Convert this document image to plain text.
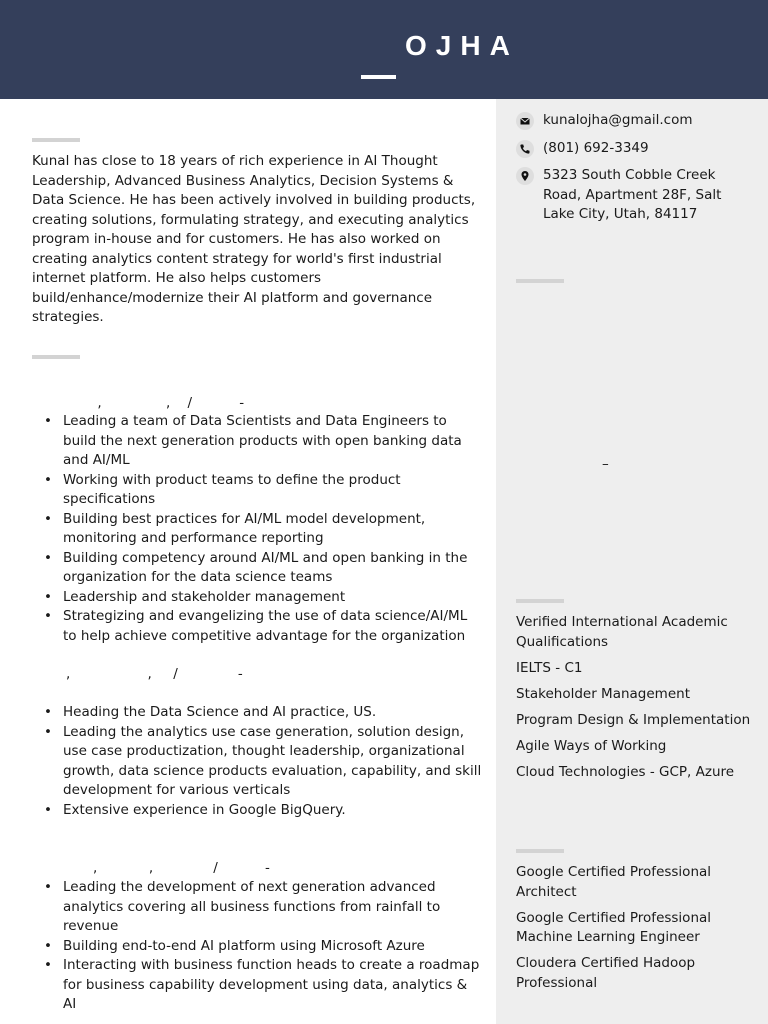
OJHA
Kunal has close to 18 years of rich experience in AI Thought Leadership, Advanced Business Analytics, Decision Systems & Data Science. He has been actively involved in building products, creating solutions, formulating strategy, and executing analytics program in-house and for customers. He has also worked on creating analytics content strategy for world's first industrial internet platform. He also helps customers build/enhance/modernize their AI platform and governance strategies.
,               ,    /           -
• Leading a team of Data Scientists and Data Engineers to build the next generation products with open banking data and AI/ML
• Working with product teams to define the product specifications
• Building best practices for AI/ML model development, monitoring and performance reporting
• Building competency around AI/ML and open banking in the organization for the data science teams
• Leadership and stakeholder management
• Strategizing and evangelizing the use of data science/AI/ML to help achieve competitive advantage for the organization
,                  ,     /              -
• Heading the Data Science and AI practice, US.
• Leading the analytics use case generation, solution design, use case productization, thought leadership, organizational growth, data science products evaluation, capability, and skill development for various verticals
• Extensive experience in Google BigQuery.
,            ,              /           -
• Leading the development of next generation advanced analytics covering all business functions from rainfall to revenue
• Building end-to-end AI platform using Microsoft Azure
• Interacting with business function heads to create a roadmap for business capability development using data, analytics & AI
kunalojha@gmail.com
(801) 692-3349
5323 South Cobble Creek Road, Apartment 28F, Salt Lake City, Utah, 84117
–
Verified International Academic Qualifications
IELTS - C1
Stakeholder Management
Program Design & Implementation
Agile Ways of Working
Cloud Technologies - GCP, Azure
Google Certified Professional Architect
Google Certified Professional Machine Learning Engineer
Cloudera Certified Hadoop Professional
